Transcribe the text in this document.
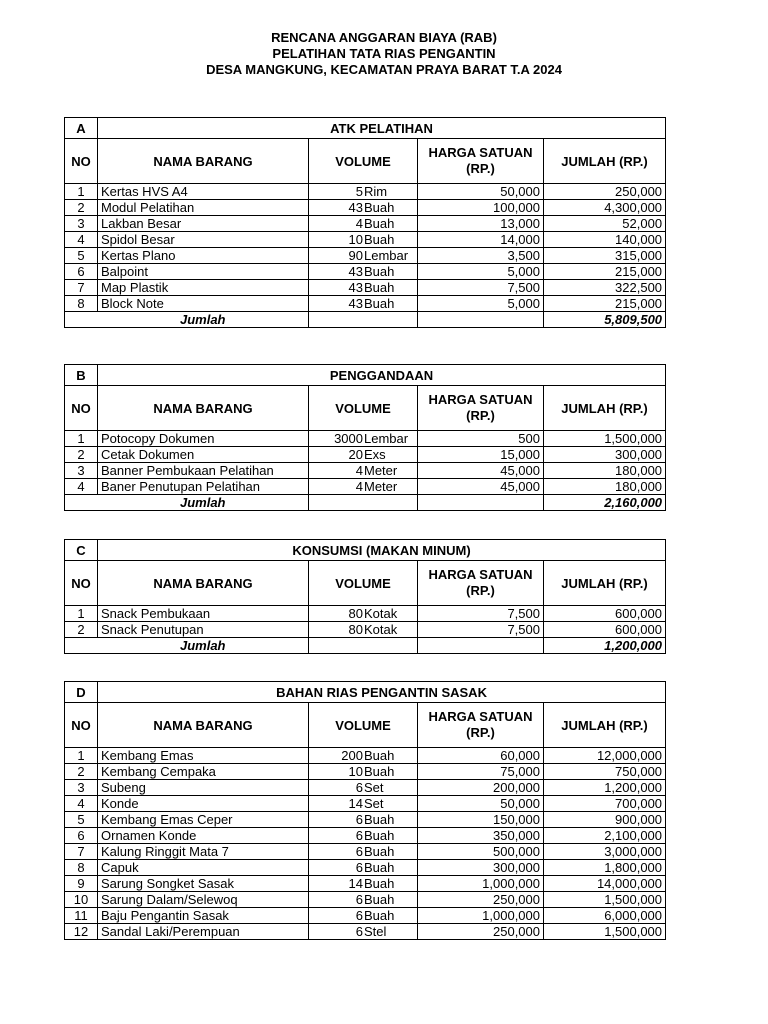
RENCANA ANGGARAN BIAYA (RAB)
PELATIHAN TATA RIAS PENGANTIN
DESA MANGKUNG, KECAMATAN PRAYA BARAT T.A 2024
A	ATK PELATIHAN			
NO	NAMA BARANG	VOLUME	HARGA SATUAN (RP.)	JUMLAH (RP.)
1	Kertas HVS A4	5 Rim	50,000	250,000
2	Modul Pelatihan	43 Buah	100,000	4,300,000
3	Lakban Besar	4 Buah	13,000	52,000
4	Spidol Besar	10 Buah	14,000	140,000
5	Kertas Plano	90 Lembar	3,500	315,000
6	Balpoint	43 Buah	5,000	215,000
7	Map Plastik	43 Buah	7,500	322,500
8	Block Note	43 Buah	5,000	215,000
	Jumlah			5,809,500
B	PENGGANDAAN			
NO	NAMA BARANG	VOLUME	HARGA SATUAN (RP.)	JUMLAH (RP.)
1	Potocopy Dokumen	3000 Lembar	500	1,500,000
2	Cetak Dokumen	20 Exs	15,000	300,000
3	Banner Pembukaan Pelatihan	4 Meter	45,000	180,000
4	Baner Penutupan Pelatihan	4 Meter	45,000	180,000
	Jumlah			2,160,000
C	KONSUMSI (MAKAN MINUM)			
NO	NAMA BARANG	VOLUME	HARGA SATUAN (RP.)	JUMLAH (RP.)
1	Snack Pembukaan	80 Kotak	7,500	600,000
2	Snack Penutupan	80 Kotak	7,500	600,000
	Jumlah			1,200,000
D	BAHAN RIAS PENGANTIN SASAK			
NO	NAMA BARANG	VOLUME	HARGA SATUAN (RP.)	JUMLAH (RP.)
1	Kembang Emas	200 Buah	60,000	12,000,000
2	Kembang Cempaka	10 Buah	75,000	750,000
3	Subeng	6 Set	200,000	1,200,000
4	Konde	14 Set	50,000	700,000
5	Kembang Emas Ceper	6 Buah	150,000	900,000
6	Ornamen Konde	6 Buah	350,000	2,100,000
7	Kalung Ringgit Mata 7	6 Buah	500,000	3,000,000
8	Capuk	6 Buah	300,000	1,800,000
9	Sarung Songket Sasak	14 Buah	1,000,000	14,000,000
10	Sarung Dalam/Selewoq	6 Buah	250,000	1,500,000
11	Baju Pengantin Sasak	6 Buah	1,000,000	6,000,000
12	Sandal Laki/Perempuan	6 Stel	250,000	1,500,000
